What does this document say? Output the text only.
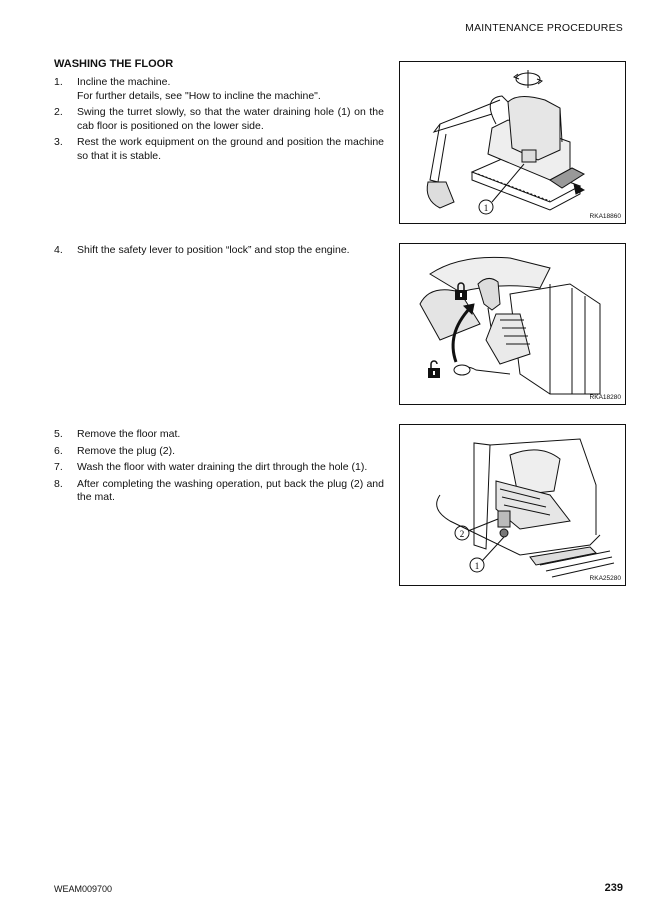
MAINTENANCE PROCEDURES
WASHING THE FLOOR
1. Incline the machine.
For further details, see "How to incline the machine".
2. Swing the turret slowly, so that the water draining hole (1) on the cab floor is positioned on the lower side.
3. Rest the work equipment on the ground and position the machine so that it is stable.
4. Shift the safety lever to position “lock” and stop the engine.
5. Remove the floor mat.
6. Remove the plug (2).
7. Wash the floor with water draining the dirt through the hole (1).
8. After completing the washing operation, put back the plug (2) and the mat.
1
RKA18860
RKA18280
2
1
RKA25280
WEAM009700	239
